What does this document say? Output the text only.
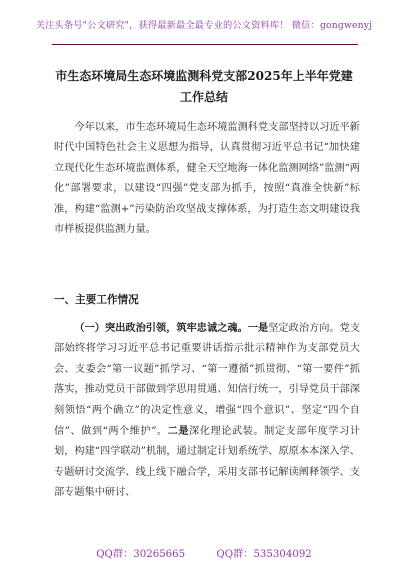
关注头条号"公文研究"，获得最新最全最专业的公文资料库！ 微信：gongwenyj
市生态环境局生态环境监测科党支部2025年上半年党建工作总结
今年以来，市生态环境局生态环境监测科党支部坚持以习近平新时代中国特色社会主义思想为指导，认真贯彻习近平总书记“加快建立现代化生态环境监测体系，健全天空地海一体化监测网络”监测“两化”部署要求，以建设“四强”党支部为抓手，按照“真准全快新”标准，构建“监测+”污染防治攻坚战支撑体系，为打造生态文明建设我市样板提供监测力量。
一、主要工作情况
（一）突出政治引领，筑牢忠诚之魂。一是坚定政治方向。党支部始终将学习习近平总书记重要讲话指示批示精神作为支部党员大会、支委会“第一议题”抓学习、“第一遵循”抓贯彻、“第一要件”抓落实，推动党员干部做到学思用贯通、知信行统一，引导党员干部深刻领悟“两个确立”的决定性意义，增强“四个意识”、坚定“四个自信”、做到“两个维护”。二是深化理论武装。制定支部年度学习计划，构建“四学联动”机制，通过制定计划系统学、原原本本深入学、专题研讨交流学、线上线下融合学，采用支部书记解读阐释领学、支部专题集中研讨、
QQ群：30265665	QQ群：535304092
